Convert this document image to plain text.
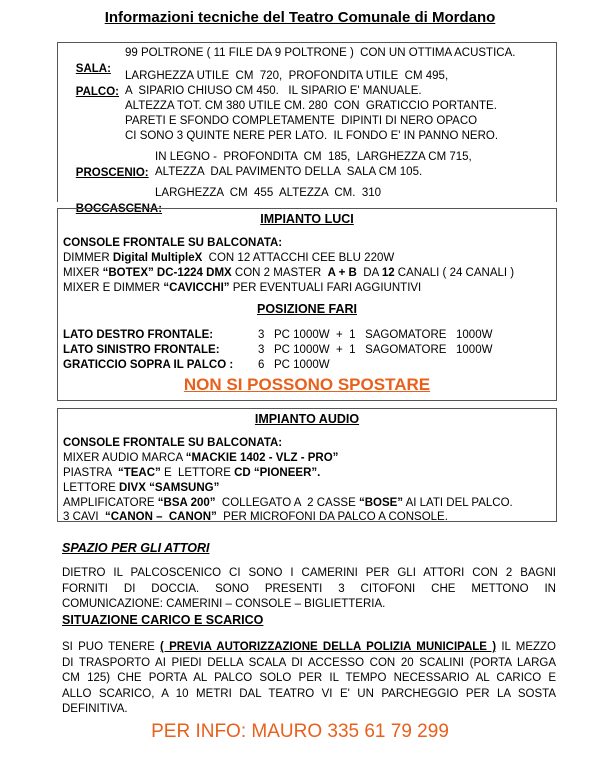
Informazioni tecniche del Teatro Comunale di Mordano

SALA:

99 POLTRONE ( 11 FILE DA 9 POLTRONE )  CON UN OTTIMA ACUSTICA.

PALCO:

LARGHEZZA UTILE  CM  720,  PROFONDITA UTILE  CM 495,
A  SIPARIO CHIUSO CM 450.   IL SIPARIO E' MANUALE.
ALTEZZA TOT. CM 380 UTILE CM. 280  CON  GRATICCIO PORTANTE.
PARETI E SFONDO COMPLETAMENTE  DIPINTI DI NERO OPACO
CI SONO 3 QUINTE NERE PER LATO.  IL FONDO E' IN PANNO NERO.

PROSCENIO:

IN LEGNO -  PROFONDITA  CM  185,  LARGHEZZA CM 715,
ALTEZZA  DAL PAVIMENTO DELLA  SALA CM 105.

BOCCASCENA:

LARGHEZZA  CM  455  ALTEZZA  CM.  310
IMPIANTO LUCI
CONSOLE FRONTALE SU BALCONATA:
DIMMER Digital MultipleX  CON 12 ATTACCHI CEE BLU 220W
MIXER “BOTEX” DC-1224 DMX CON 2 MASTER  A + B  DA 12 CANALI ( 24 CANALI )
MIXER E DIMMER “CAVICCHI” PER EVENTUALI FARI AGGIUNTIVI
POSIZIONE FARI
LATO DESTRO FRONTALE:	3   PC 1000W  +  1   SAGOMATORE   1000W
LATO SINISTRO FRONTALE:	3   PC 1000W  +  1   SAGOMATORE   1000W
GRATICCIO SOPRA IL PALCO : 6   PC 1000W
NON SI POSSONO SPOSTARE
IMPIANTO AUDIO
CONSOLE FRONTALE SU BALCONATA:
MIXER AUDIO MARCA “MACKIE 1402 - VLZ - PRO”
PIASTRA  “TEAC” E  LETTORE CD “PIONEER”.
LETTORE DIVX “SAMSUNG”
AMPLIFICATORE “BSA 200”  COLLEGATO A  2 CASSE “BOSE” AI LATI DEL PALCO.
3 CAVI  “CANON –  CANON”  PER MICROFONI DA PALCO A CONSOLE.
SPAZIO PER GLI ATTORI
DIETRO IL PALCOSCENICO CI SONO I CAMERINI PER GLI ATTORI CON 2 BAGNI
FORNITI DI DOCCIA. SONO PRESENTI 3 CITOFONI CHE METTONO IN
COMUNICAZIONE: CAMERINI – CONSOLE – BIGLIETTERIA.
SITUAZIONE CARICO E SCARICO
SI PUO TENERE ( PREVIA AUTORIZZAZIONE DELLA POLIZIA MUNICIPALE ) IL MEZZO
DI TRASPORTO AI PIEDI DELLA SCALA DI ACCESSO CON 20 SCALINI (PORTA LARGA
CM 125) CHE PORTA AL PALCO SOLO PER IL TEMPO NECESSARIO AL CARICO E
ALLO SCARICO, A 10 METRI DAL TEATRO VI E' UN PARCHEGGIO PER LA SOSTA
DEFINITIVA.
PER INFO: MAURO 335 61 79 299
